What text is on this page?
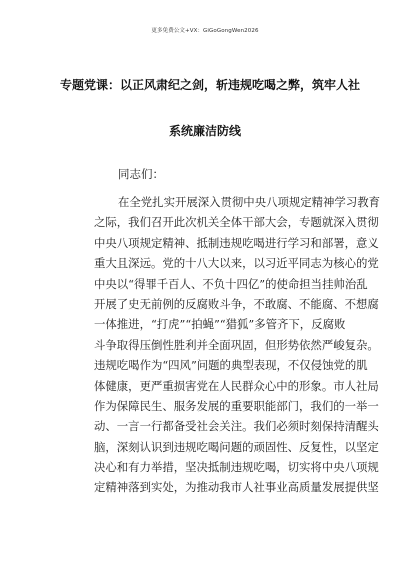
更多免费公文+VX：GiGoGongWen2026
专题党课：以正风肃纪之剑，斩违规吃喝之弊，筑牢人社
系统廉洁防线
同志们：
在全党扎实开展深入贯彻中央八项规定精神学习教育
之际，我们召开此次机关全体干部大会，专题就深入贯彻
中央八项规定精神、抵制违规吃喝进行学习和部署，意义
重大且深远。党的十八大以来，以习近平同志为核心的党
中央以“得罪千百人、不负十四亿”的使命担当挂帅治乱
开展了史无前例的反腐败斗争，不敢腐、不能腐、不想腐
一体推进，“打虎”“拍蝇”“猎狐”多管齐下，反腐败
斗争取得压倒性胜利并全面巩固，但形势依然严峻复杂。
违规吃喝作为“四风”问题的典型表现，不仅侵蚀党的肌
体健康，更严重损害党在人民群众心中的形象。市人社局
作为保障民生、服务发展的重要职能部门，我们的一举一
动、一言一行都备受社会关注。我们必须时刻保持清醒头
脑，深刻认识到违规吃喝问题的顽固性、反复性，以坚定
决心和有力举措，坚决抵制违规吃喝，切实将中央八项规
定精神落到实处，为推动我市人社事业高质量发展提供坚
